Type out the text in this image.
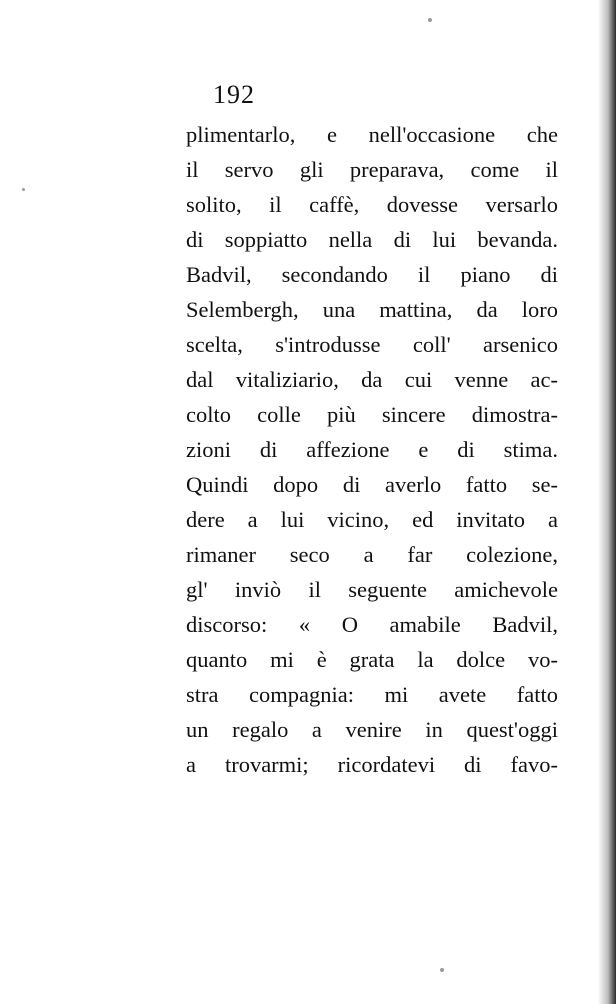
192
plimentarlo, e nell'occasione che
il servo gli preparava, come il
solito, il caffè, dovesse versarlo
di soppiatto nella di lui bevanda.
Badvil, secondando il piano di
Selembergh, una mattina, da loro
scelta, s'introdusse coll' arsenico
dal vitaliziario, da cui venne ac-
colto colle più sincere dimostra-
zioni di affezione e di stima.
Quindi dopo di averlo fatto se-
dere a lui vicino, ed invitato a
rimaner seco a far colezione,
gl' inviò il seguente amichevole
discorso: « O amabile Badvil,
quanto mi è grata la dolce vo-
stra compagnia: mi avete fatto
un regalo a venire in quest'oggi
a trovarmi; ricordatevi di favo-
